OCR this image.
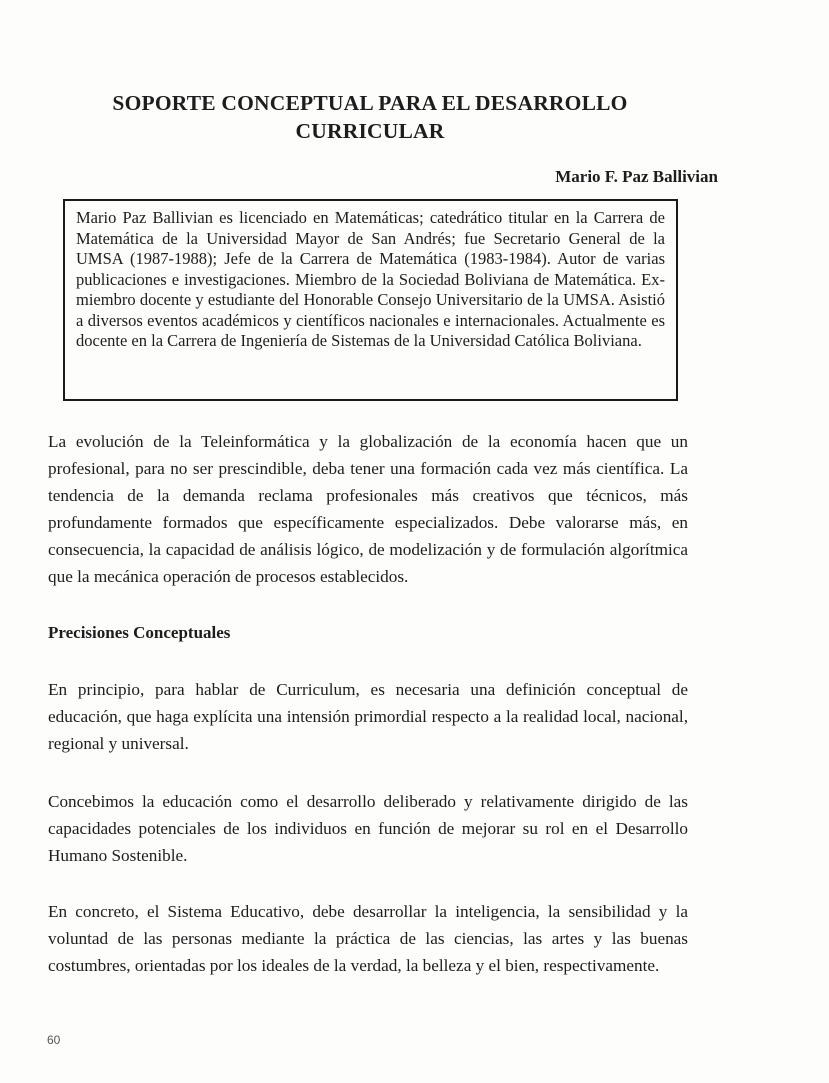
SOPORTE CONCEPTUAL PARA EL DESARROLLO
CURRICULAR

Mario F. Paz Ballivian

Mario Paz Ballivian es licenciado en Matemáticas; catedrático titular en la Carrera de Matemática de la Universidad Mayor de San Andrés; fue Secretario General de la UMSA (1987-1988); Jefe de la Carrera de Matemática (1983-1984). Autor de varias publicaciones e investigaciones. Miembro de la Sociedad Boliviana de Matemática. Ex-miembro docente y estudiante del Honorable Consejo Universitario de la UMSA. Asistió a diversos eventos académicos y científicos nacionales e internacionales. Actualmente es docente en la Carrera de Ingeniería de Sistemas de la Universidad Católica Boliviana.

La evolución de la Teleinformática y la globalización de la economía hacen que un profesional, para no ser prescindible, deba tener una formación cada vez más científica. La tendencia de la demanda reclama profesionales más creativos que técnicos, más profundamente formados que específicamente especializados. Debe valorarse más, en consecuencia, la capacidad de análisis lógico, de modelización y de formulación algorítmica que la mecánica operación de procesos establecidos.

Precisiones Conceptuales

En principio, para hablar de Curriculum, es necesaria una definición conceptual de educación, que haga explícita una intensión primordial respecto a la realidad local, nacional, regional y universal.

Concebimos la educación como el desarrollo deliberado y relativamente dirigido de las capacidades potenciales de los individuos en función de mejorar su rol en el Desarrollo Humano Sostenible.

En concreto, el Sistema Educativo, debe desarrollar la inteligencia, la sensibilidad y la voluntad de las personas mediante la práctica de las ciencias, las artes y las buenas costumbres, orientadas por los ideales de la verdad, la belleza y el bien, respectivamente.

60
